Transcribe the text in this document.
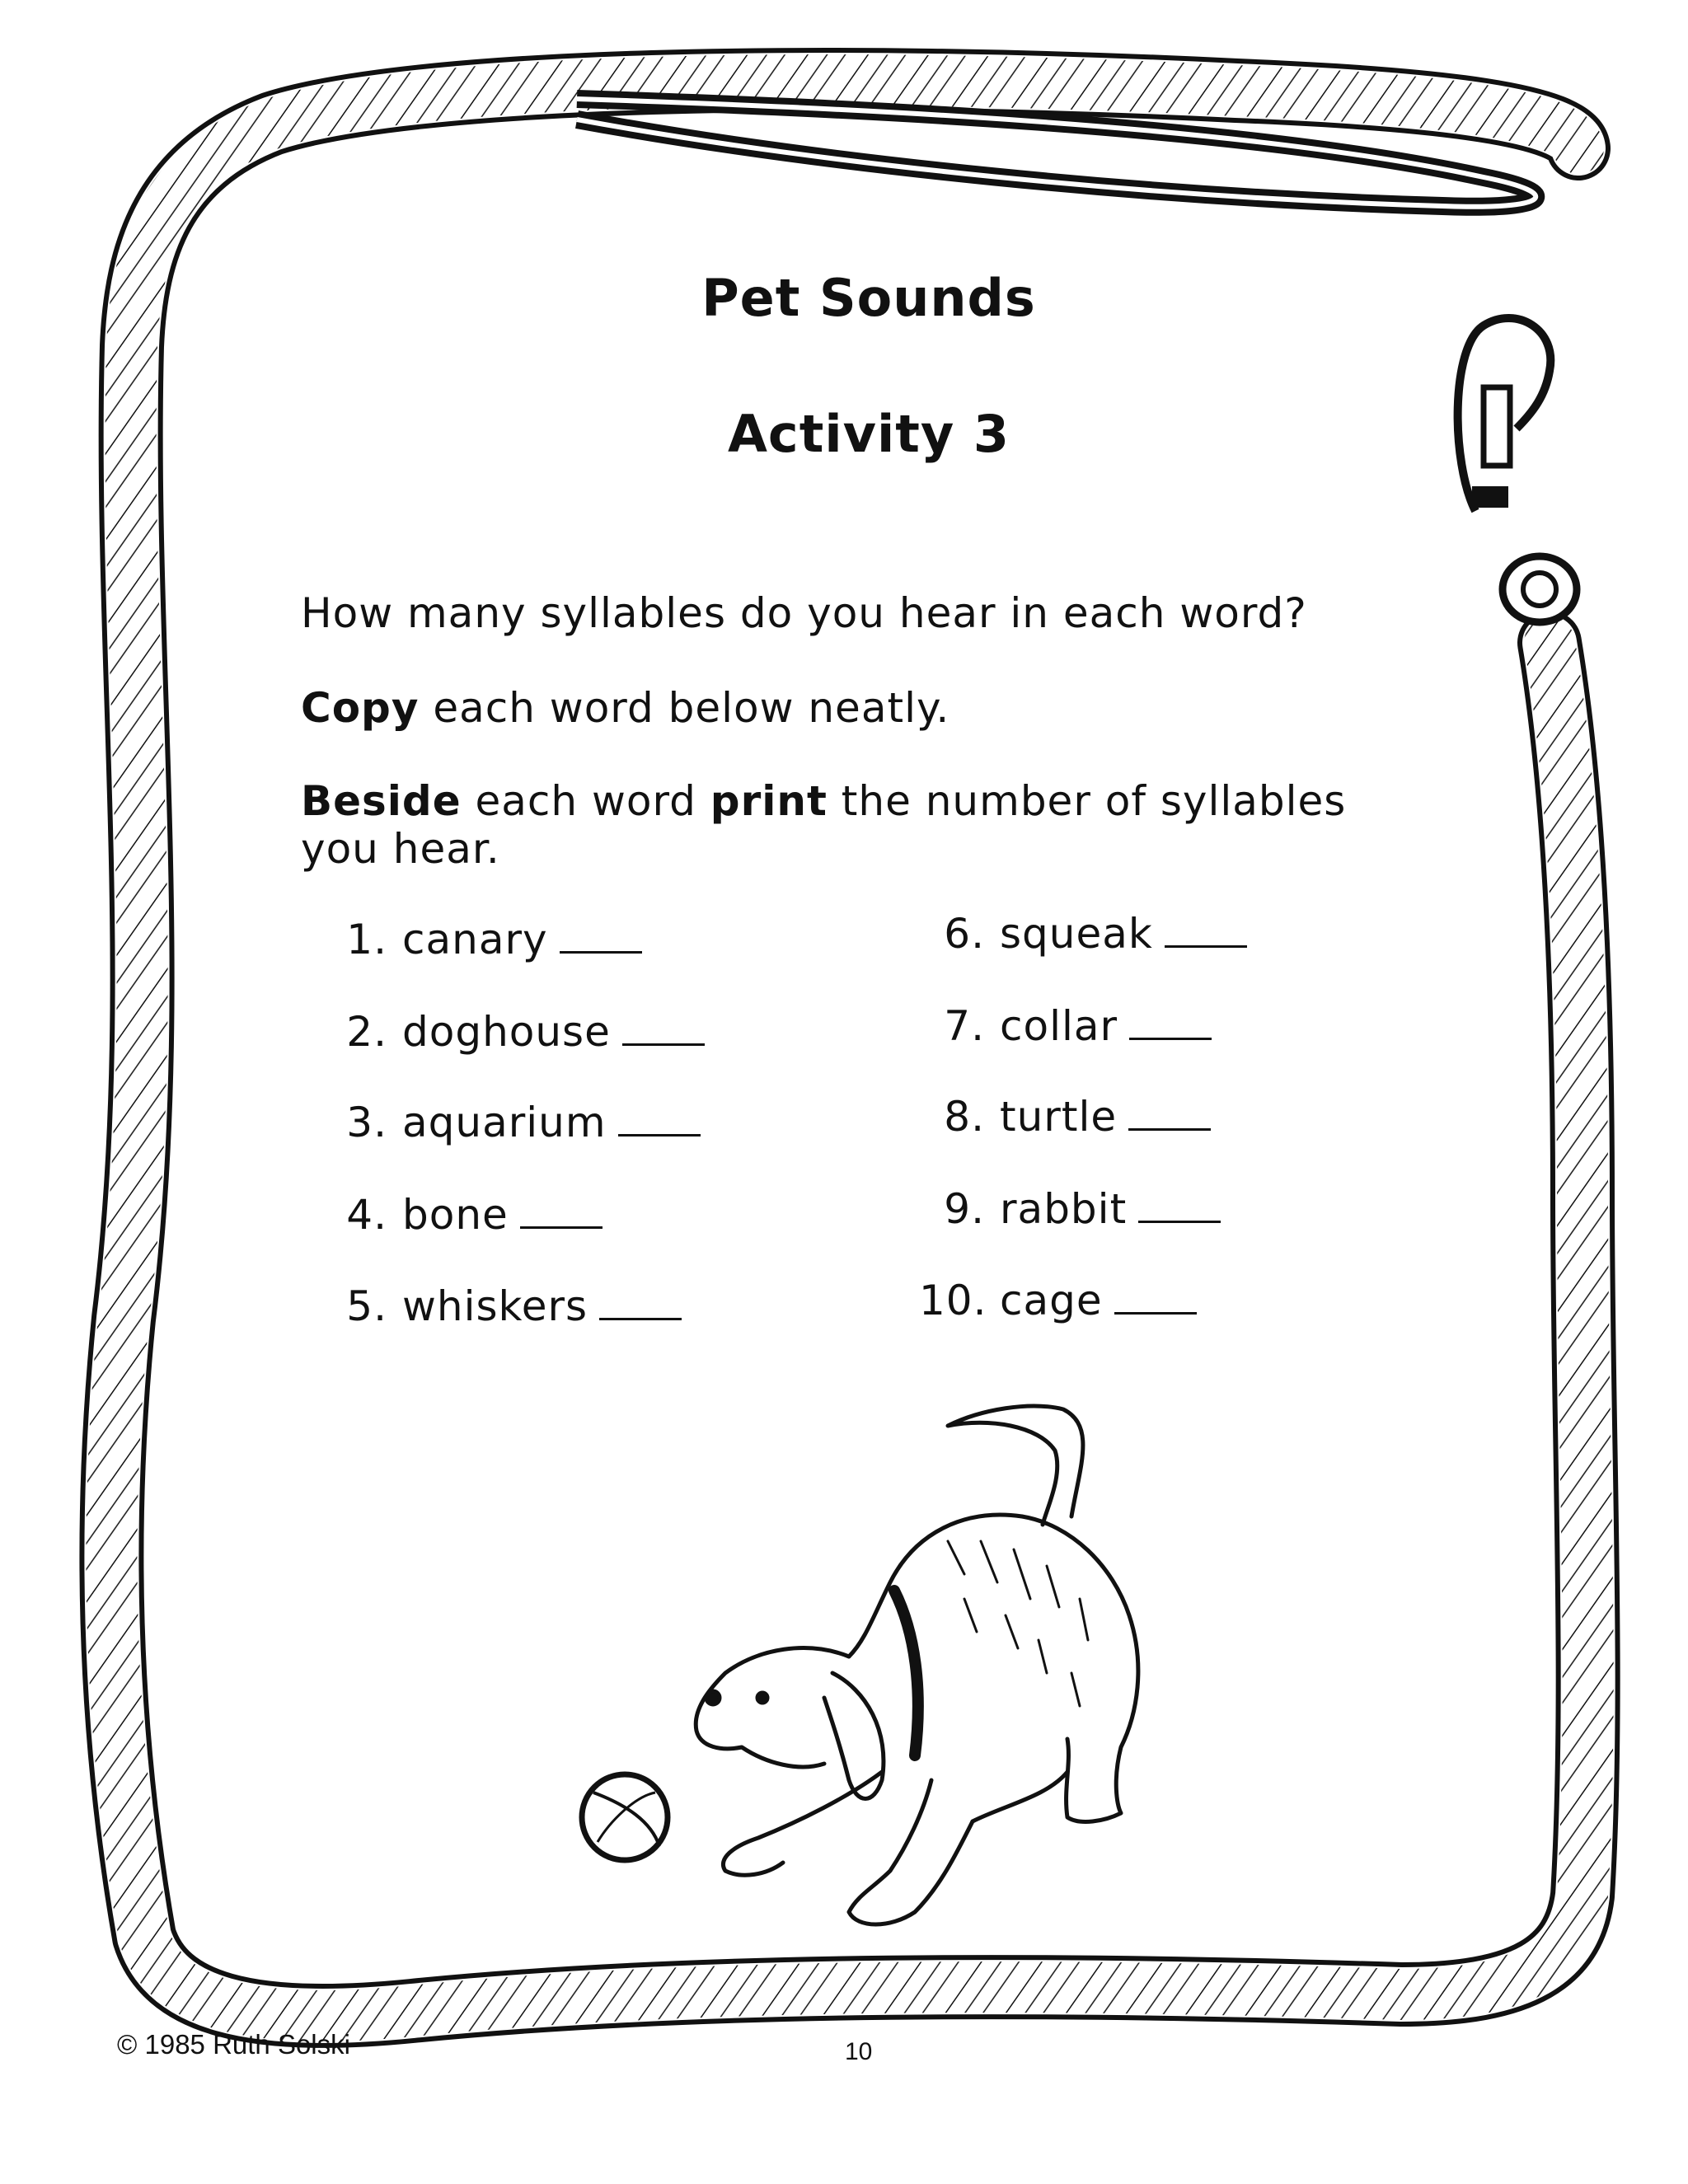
Pet Sounds
Activity 3
How many syllables do you hear in each word?
Copy each word below neatly.
Beside each word print the number of syllables you hear.
1. canary
2. doghouse
3. aquarium
4. bone
5. whiskers
6. squeak
7. collar
8. turtle
9. rabbit
10. cage
© 1985 Ruth Solski	10
